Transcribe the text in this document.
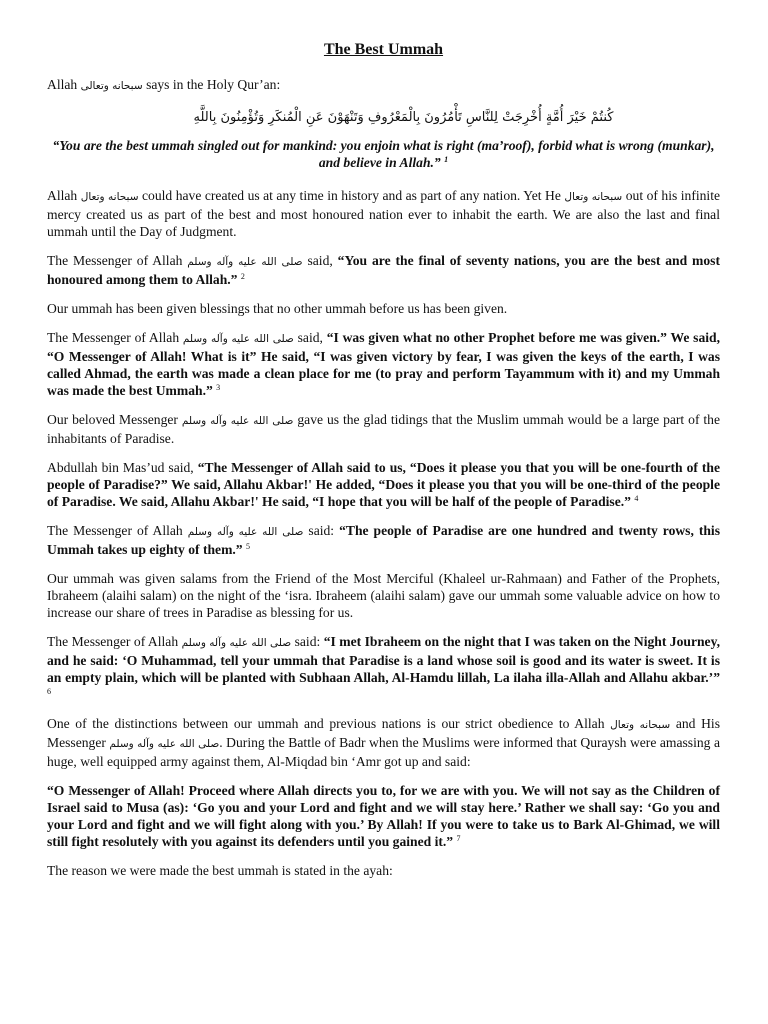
The Best Ummah

Allah سبحانه وتعالى says in the Holy Qur’an:

كُنتُمْ خَيْرَ أُمَّةٍ أُخْرِجَتْ لِلنَّاسِ تَأْمُرُونَ بِالْمَعْرُوفِ وَتَنْهَوْنَ عَنِ الْمُنكَرِ وَتُؤْمِنُونَ بِاللَّهِ

“You are the best ummah singled out for mankind: you enjoin what is right (ma’roof), forbid what is wrong (munkar), and believe in Allah.” $^1$

Allah سبحانه وتعال could have created us at any time in history and as part of any nation. Yet He سبحانه وتعال out of his infinite mercy created us as part of the best and most honoured nation ever to inhabit the earth. We are also the last and final ummah until the Day of Judgment.

The Messenger of Allah صلى الله عليه وآله وسلم said, “You are the final of seventy nations, you are the best and most honoured among them to Allah.” $^2$

Our ummah has been given blessings that no other ummah before us has been given.

The Messenger of Allah صلى الله عليه وآله وسلم said, “I was given what no other Prophet before me was given.” We said, “O Messenger of Allah! What is it” He said, “I was given victory by fear, I was given the keys of the earth, I was called Ahmad, the earth was made a clean place for me (to pray and perform Tayammum with it) and my Ummah was made the best Ummah.” $^3$

Our beloved Messenger صلى الله عليه وآله وسلم gave us the glad tidings that the Muslim ummah would be a large part of the inhabitants of Paradise.

Abdullah bin Mas’ud said, “The Messenger of Allah said to us, “Does it please you that you will be one-fourth of the people of Paradise?” We said, Allahu Akbar!' He added, “Does it please you that you will be one-third of the people of Paradise. We said, Allahu Akbar!' He said, “I hope that you will be half of the people of Paradise.” $^4$

The Messenger of Allah صلى الله عليه وآله وسلم said: “The people of Paradise are one hundred and twenty rows, this Ummah takes up eighty of them.” $^5$

Our ummah was given salams from the Friend of the Most Merciful (Khaleel ur-Rahmaan) and Father of the Prophets, Ibraheem (alaihi salam) on the night of the ‘isra. Ibraheem (alaihi salam) gave our ummah some valuable advice on how to increase our share of trees in Paradise as blessing for us.

The Messenger of Allah صلى الله عليه وآله وسلم said: “I met Ibraheem on the night that I was taken on the Night Journey, and he said: ‘O Muhammad, tell your ummah that Paradise is a land whose soil is good and its water is sweet. It is an empty plain, which will be planted with Subhaan Allah, Al-Hamdu lillah, La ilaha illa-Allah and Allahu akbar.’” $^6$

One of the distinctions between our ummah and previous nations is our strict obedience to Allah سبحانه وتعال and His Messenger صلى الله عليه وآله وسلم. During the Battle of Badr when the Muslims were informed that Quraysh were amassing a huge, well equipped army against them, Al-Miqdad bin ‘Amr got up and said:

“O Messenger of Allah! Proceed where Allah directs you to, for we are with you. We will not say as the Children of Israel said to Musa (as): ‘Go you and your Lord and fight and we will stay here.’ Rather we shall say: ‘Go you and your Lord and fight and we will fight along with you.’ By Allah! If you were to take us to Bark Al-Ghimad, we will still fight resolutely with you against its defenders until you gained it.” $^7$

The reason we were made the best ummah is stated in the ayah:
